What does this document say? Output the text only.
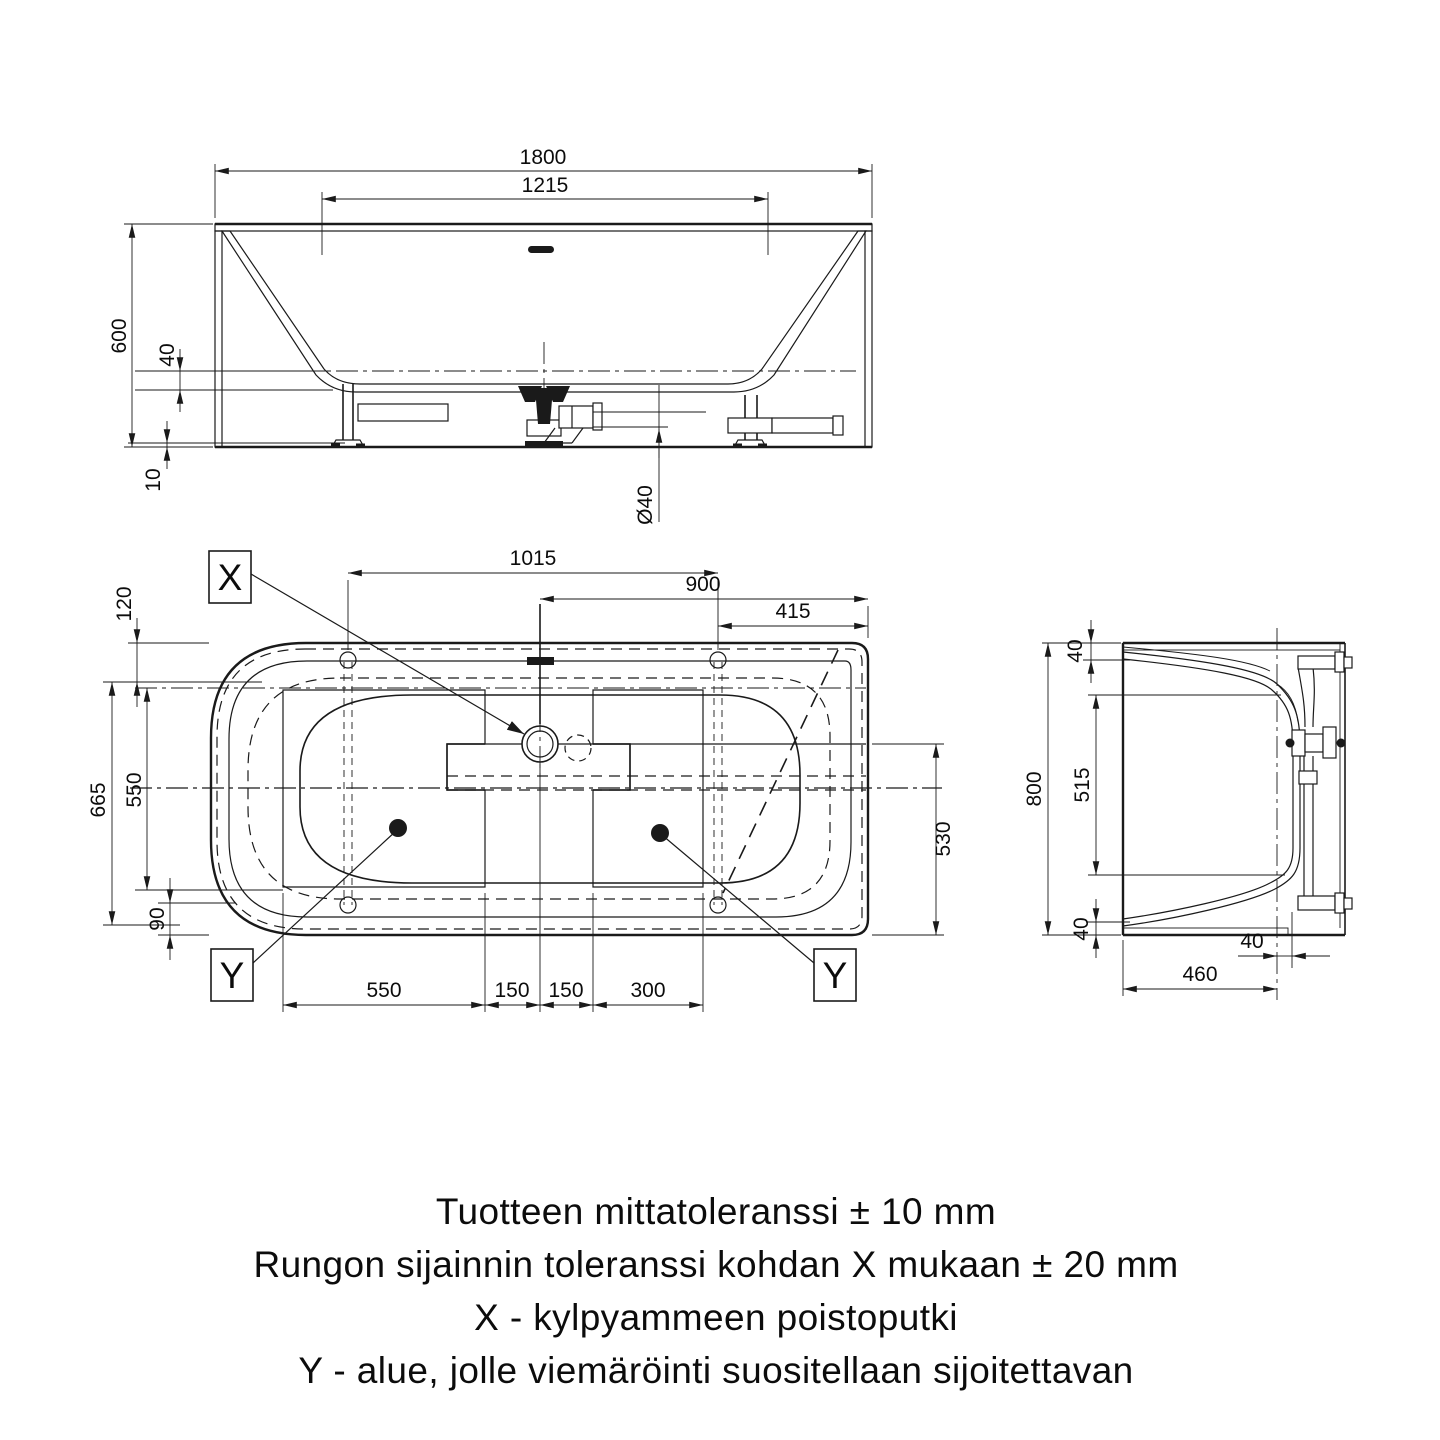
1800
1215
600
40
10
Ø40
X
Y	Y
1015
900
415
120
665 550
90
530
550	150 150 300
800
40
515
40
40
460
Tuotteen mittatoleranssi ± 10 mm
Rungon sijainnin toleranssi kohdan X mukaan ± 20 mm
X - kylpyammeen poistoputki
Y - alue, jolle viemäröinti suositellaan sijoitettavan
